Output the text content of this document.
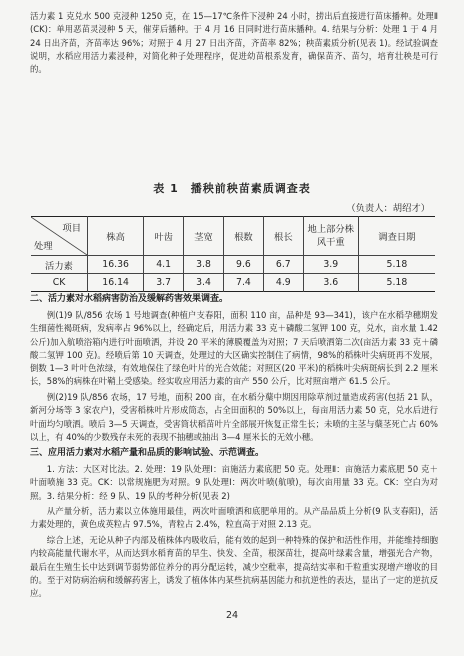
活力素 1 克兑水 500 克浸种 1250 克，在 15—17℃条件下浸种 24 小时，捞出后直接进行苗床播种。处理Ⅱ(CK)：单用恶苗灵浸种 5 天，催芽后播种。于 4 月 16 日同时进行苗床播种。4. 结果与分析：处理 1 于 4 月 24 日出齐苗，齐苗率达 96%；对照于 4 月 27 日出齐苗，齐苗率 82%；秧苗素质分析(见表 1)。经试验调查说明，水稻应用活力素浸种，对简化种子处理程序，促进幼苗根系发育，确保苗齐、苗匀，培育壮秧是可行的。
表 1　播秧前秧苗素质调查表
（负责人：胡绍才）
项目
处理	株高	叶齿	茎宽	根数	根长	地上部分株风干重	调查日期
活力素	16.36	4.1	3.8	9.6	6.7	3.9	5.18
CK	16.14	3.7	3.4	7.4	4.9	3.6	5.18
二、活力素对水稻病害防治及缓解药害效果调查。
例(1)9 队/856 农场 1 号地调查(种植户支春阳，面积 110 亩，品种是 93—341)，该户在水稻孕穗期发生细菌性褐斑病，发病率占 96%以上，经确定后，用活力素 33 克＋磷酸二氢钾 100 克，兑水，亩水量 1.42 公斤)加入航喷浴箱内进行叶面喷洒，并设 20 平米的薄膜覆盖为对照；7 天后喷洒第二次(亩活力素 33 克＋磷酸二氢钾 100 克)。经喷后第 10 天调查，处理过的大区确实控制住了病情，98%的稻株叶尖病斑再不发展，倒数 1—3 叶叶色浓绿，有效地保住了绿色叶片的光合效能；对照区(20 平米)的稻株叶尖病斑病长到 2.2 厘米长，58%的病株在叶鞘上受感染。经实收应用活力素的亩产 550 公斤，比对照亩增产 61.5 公斤。
例(2)19 队/856 农场，17 号地，面积 200 亩，在水稻分蘖中期因用除草剂过量造成药害(包括 21 队，新河分场等 3 家农户)，受害稻株叶片形成筒态，占全田面积的 50%以上，每亩用活力素 50 克，兑水后进行叶面均匀喷洒。喷后 3—5 天调查，受害筒状稻苗叶片全部展开恢复正常生长；未喷的主茎与蘖茎死亡占 60%以上，有 40%的少数残存未死的表现不抽穗或抽出 3—4 厘米长的无效小穗。
三、应用活力素对水稻产量和品质的影响试验、示范调查。
1. 方法：大区对比法。2. 处理：19 队处理Ⅰ：亩施活力素底肥 50 克。处理Ⅱ：亩施活力素底肥 50 克＋叶面喷施 33 克。CK：以常规施肥为对照。9 队处理Ⅰ：两次叶喷(航喷)，每次亩用量 33 克。CK：空白为对照。3. 结果分析：经 9 队、19 队的考种分析(见表 2)
从产量分析，活力素以立体施用最佳，两次叶面喷洒和底肥单用的。从产品品质上分析(9 队支春阳)，活力素处理的，黄色成英粒占 97.5%，青粒占 2.4%，粒直高于对照 2.13 克。
综合上述，无论从种子内部及植株体内吸收后，能有效的起到一种特殊的保护和活性作用，并能维持细胞内较高能量代谢水平，从而达到水稻育苗的早生、快发、全苗，根深苗壮，提高叶绿素含量，增强光合产物，最后在生殖生长中达到调节弱势部位养分的再分配运转，减少空秕率，提高结实率和千粒重实现增产增收的目的。至于对防病治病和缓解药害上，诱发了植体体内某些抗病基因能力和抗逆性的表达，显出了一定的逆抗反应。
24
